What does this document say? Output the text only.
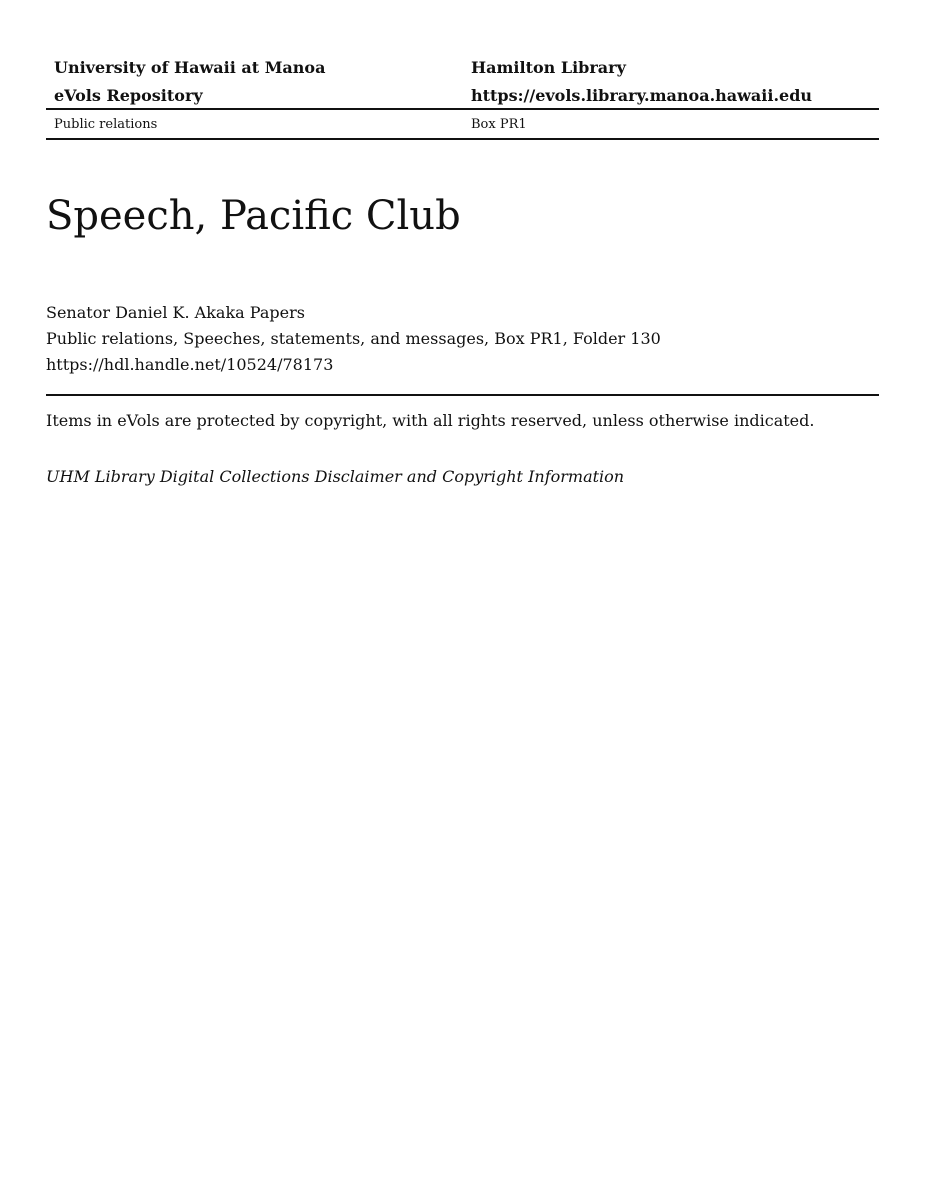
University of Hawaii at Manoa	Hamilton Library
eVols Repository	https://evols.library.manoa.hawaii.edu
Public relations	Box PR1
Speech, Pacific Club
Senator Daniel K. Akaka Papers
Public relations, Speeches, statements, and messages, Box PR1, Folder 130
https://hdl.handle.net/10524/78173
Items in eVols are protected by copyright, with all rights reserved, unless otherwise indicated.
UHM Library Digital Collections Disclaimer and Copyright Information
